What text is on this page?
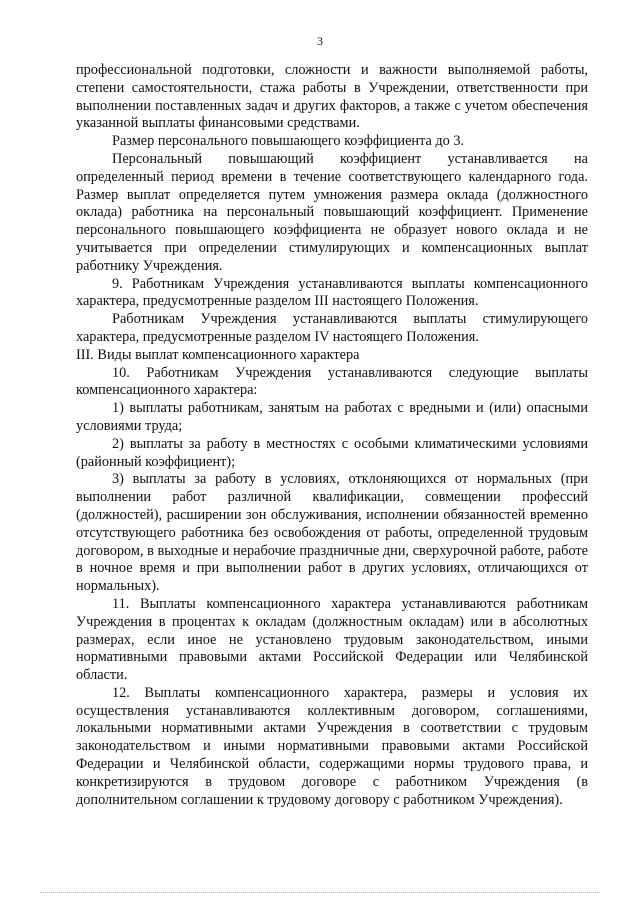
3

профессиональной подготовки, сложности и важности выполняемой работы, степени самостоятельности, стажа работы в Учреждении, ответственности при выполнении поставленных задач и других факторов, а также с учетом обеспечения указанной выплаты финансовыми средствами.

Размер персонального повышающего коэффициента до 3.

Персональный повышающий коэффициент устанавливается на определенный период времени в течение соответствующего календарного года. Размер выплат определяется путем умножения размера оклада (должностного оклада) работника на персональный повышающий коэффициент. Применение персонального повышающего коэффициента не образует нового оклада и не учитывается при определении стимулирующих и компенсационных выплат работнику Учреждения.

9. Работникам Учреждения устанавливаются выплаты компенсационного характера, предусмотренные разделом III настоящего Положения.

Работникам Учреждения устанавливаются выплаты стимулирующего характера, предусмотренные разделом IV настоящего Положения.

III. Виды выплат компенсационного характера

10. Работникам Учреждения устанавливаются следующие выплаты компенсационного характера:

1) выплаты работникам, занятым на работах с вредными и (или) опасными условиями труда;

2) выплаты за работу в местностях с особыми климатическими условиями (районный коэффициент);

3) выплаты за работу в условиях, отклоняющихся от нормальных (при выполнении работ различной квалификации, совмещении профессий (должностей), расширении зон обслуживания, исполнении обязанностей временно отсутствующего работника без освобождения от работы, определенной трудовым договором, в выходные и нерабочие праздничные дни, сверхурочной работе, работе в ночное время и при выполнении работ в других условиях, отличающихся от нормальных).

11. Выплаты компенсационного характера устанавливаются работникам Учреждения в процентах к окладам (должностным окладам) или в абсолютных размерах, если иное не установлено трудовым законодательством, иными нормативными правовыми актами Российской Федерации или Челябинской области.

12. Выплаты компенсационного характера, размеры и условия их осуществления устанавливаются коллективным договором, соглашениями, локальными нормативными актами Учреждения в соответствии с трудовым законодательством и иными нормативными правовыми актами Российской Федерации и Челябинской области, содержащими нормы трудового права, и конкретизируются в трудовом договоре с работником Учреждения (в дополнительном соглашении к трудовому договору с работником Учреждения).
